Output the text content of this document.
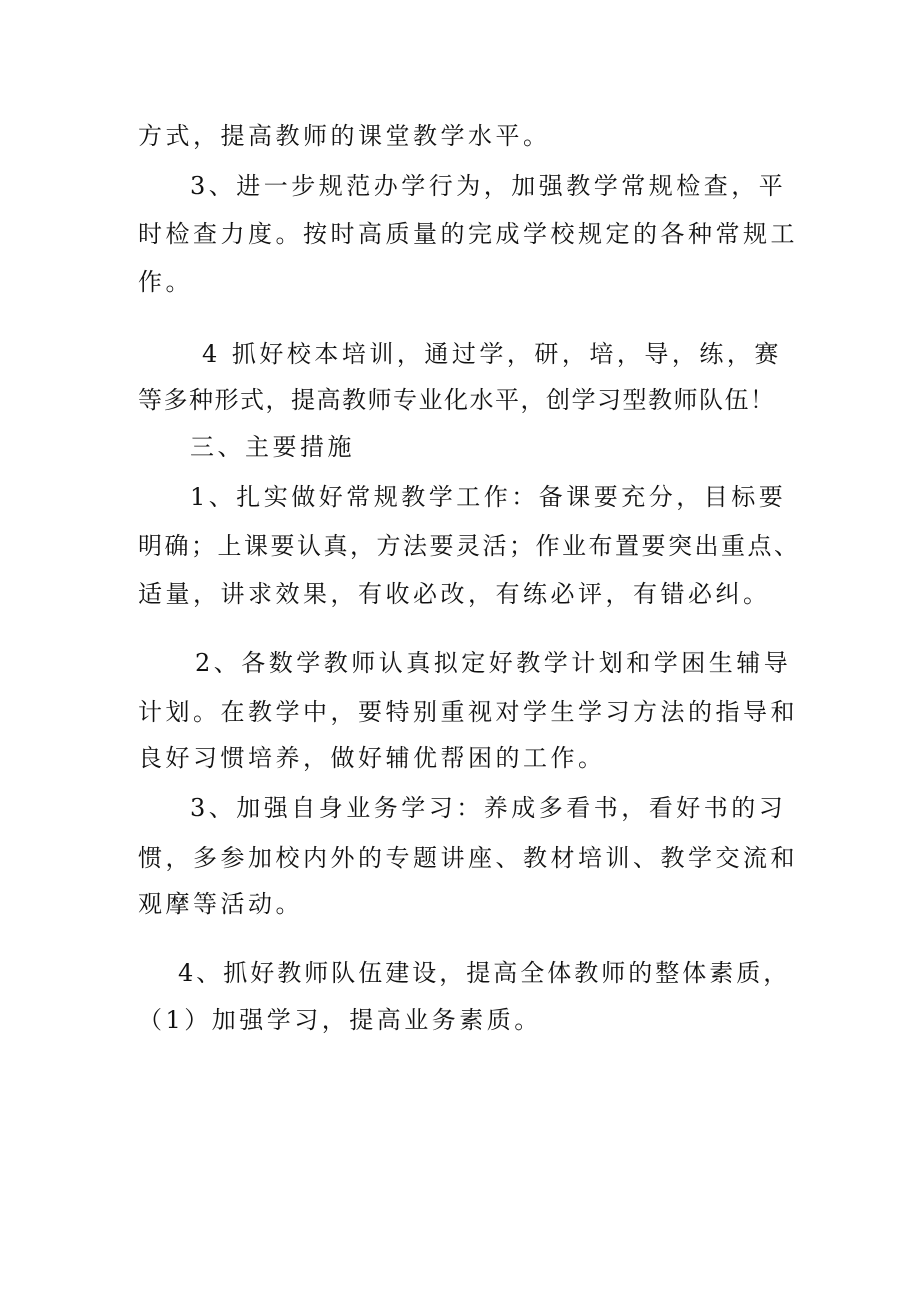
方式，提高教师的课堂教学水平。
3、进一步规范办学行为，加强教学常规检查，平
时检查力度。按时高质量的完成学校规定的各种常规工
作。
4 抓好校本培训，通过学，研，培，导，练，赛
等多种形式，提高教师专业化水平，创学习型教师队伍！
三、主要措施
1、扎实做好常规教学工作：备课要充分，目标要
明确；上课要认真，方法要灵活；作业布置要突出重点、
适量，讲求效果，有收必改，有练必评，有错必纠。
2、各数学教师认真拟定好教学计划和学困生辅导
计划。在教学中，要特别重视对学生学习方法的指导和
良好习惯培养，做好辅优帮困的工作。
3、加强自身业务学习：养成多看书，看好书的习
惯，多参加校内外的专题讲座、教材培训、教学交流和
观摩等活动。
4、抓好教师队伍建设，提高全体教师的整体素质，
（1）加强学习，提高业务素质。
